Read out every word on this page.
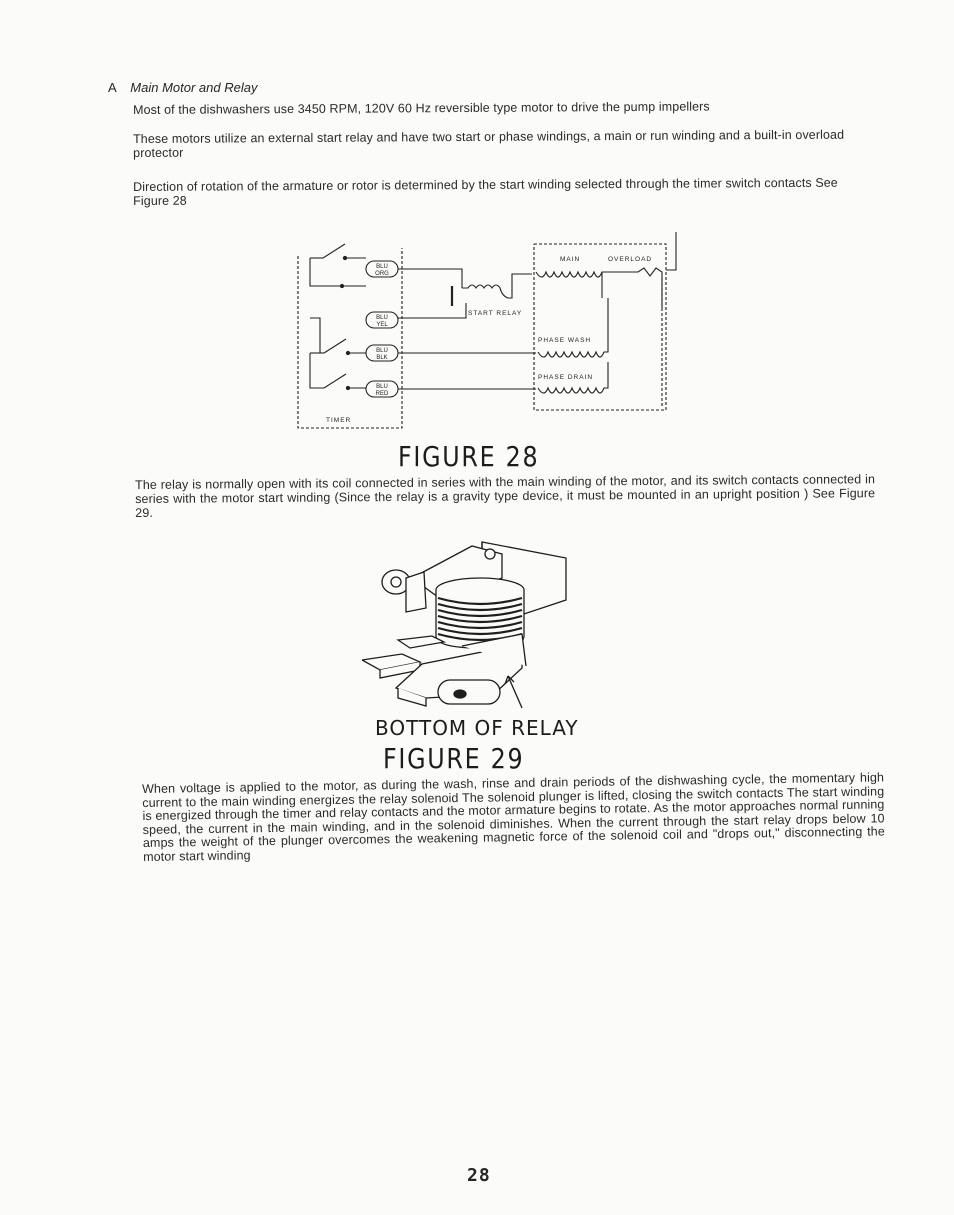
A Main Motor and Relay
Most of the dishwashers use 3450 RPM, 120V 60 Hz reversible type motor to drive the pump impellers
These motors utilize an external start relay and have two start or phase windings, a main or run winding and a built-in overload protector
Direction of rotation of the armature or rotor is determined by the start winding selected through the timer switch contacts See Figure 28
TIMER
MAIN	OVERLOAD
START RELAY
PHASE WASH
PHASE DRAIN
BLU
ORG
BLU
YEL
BLU
BLK
BLU
RED
FIGURE 28
The relay is normally open with its coil connected in series with the main winding of the motor, and its switch contacts connected in series with the motor start winding (Since the relay is a gravity type device, it must be mounted in an upright position ) See Figure 29.
BOTTOM OF RELAY
FIGURE 29
When voltage is applied to the motor, as during the wash, rinse and drain periods of the dishwashing cycle, the momentary high current to the main winding energizes the relay solenoid The solenoid plunger is lifted, closing the switch contacts The start winding is energized through the timer and relay contacts and the motor armature begins to rotate. As the motor approaches normal running speed, the current in the main winding, and in the solenoid diminishes. When the current through the start relay drops below 10 amps the weight of the plunger overcomes the weakening magnetic force of the solenoid coil and "drops out," disconnecting the motor start winding
28
